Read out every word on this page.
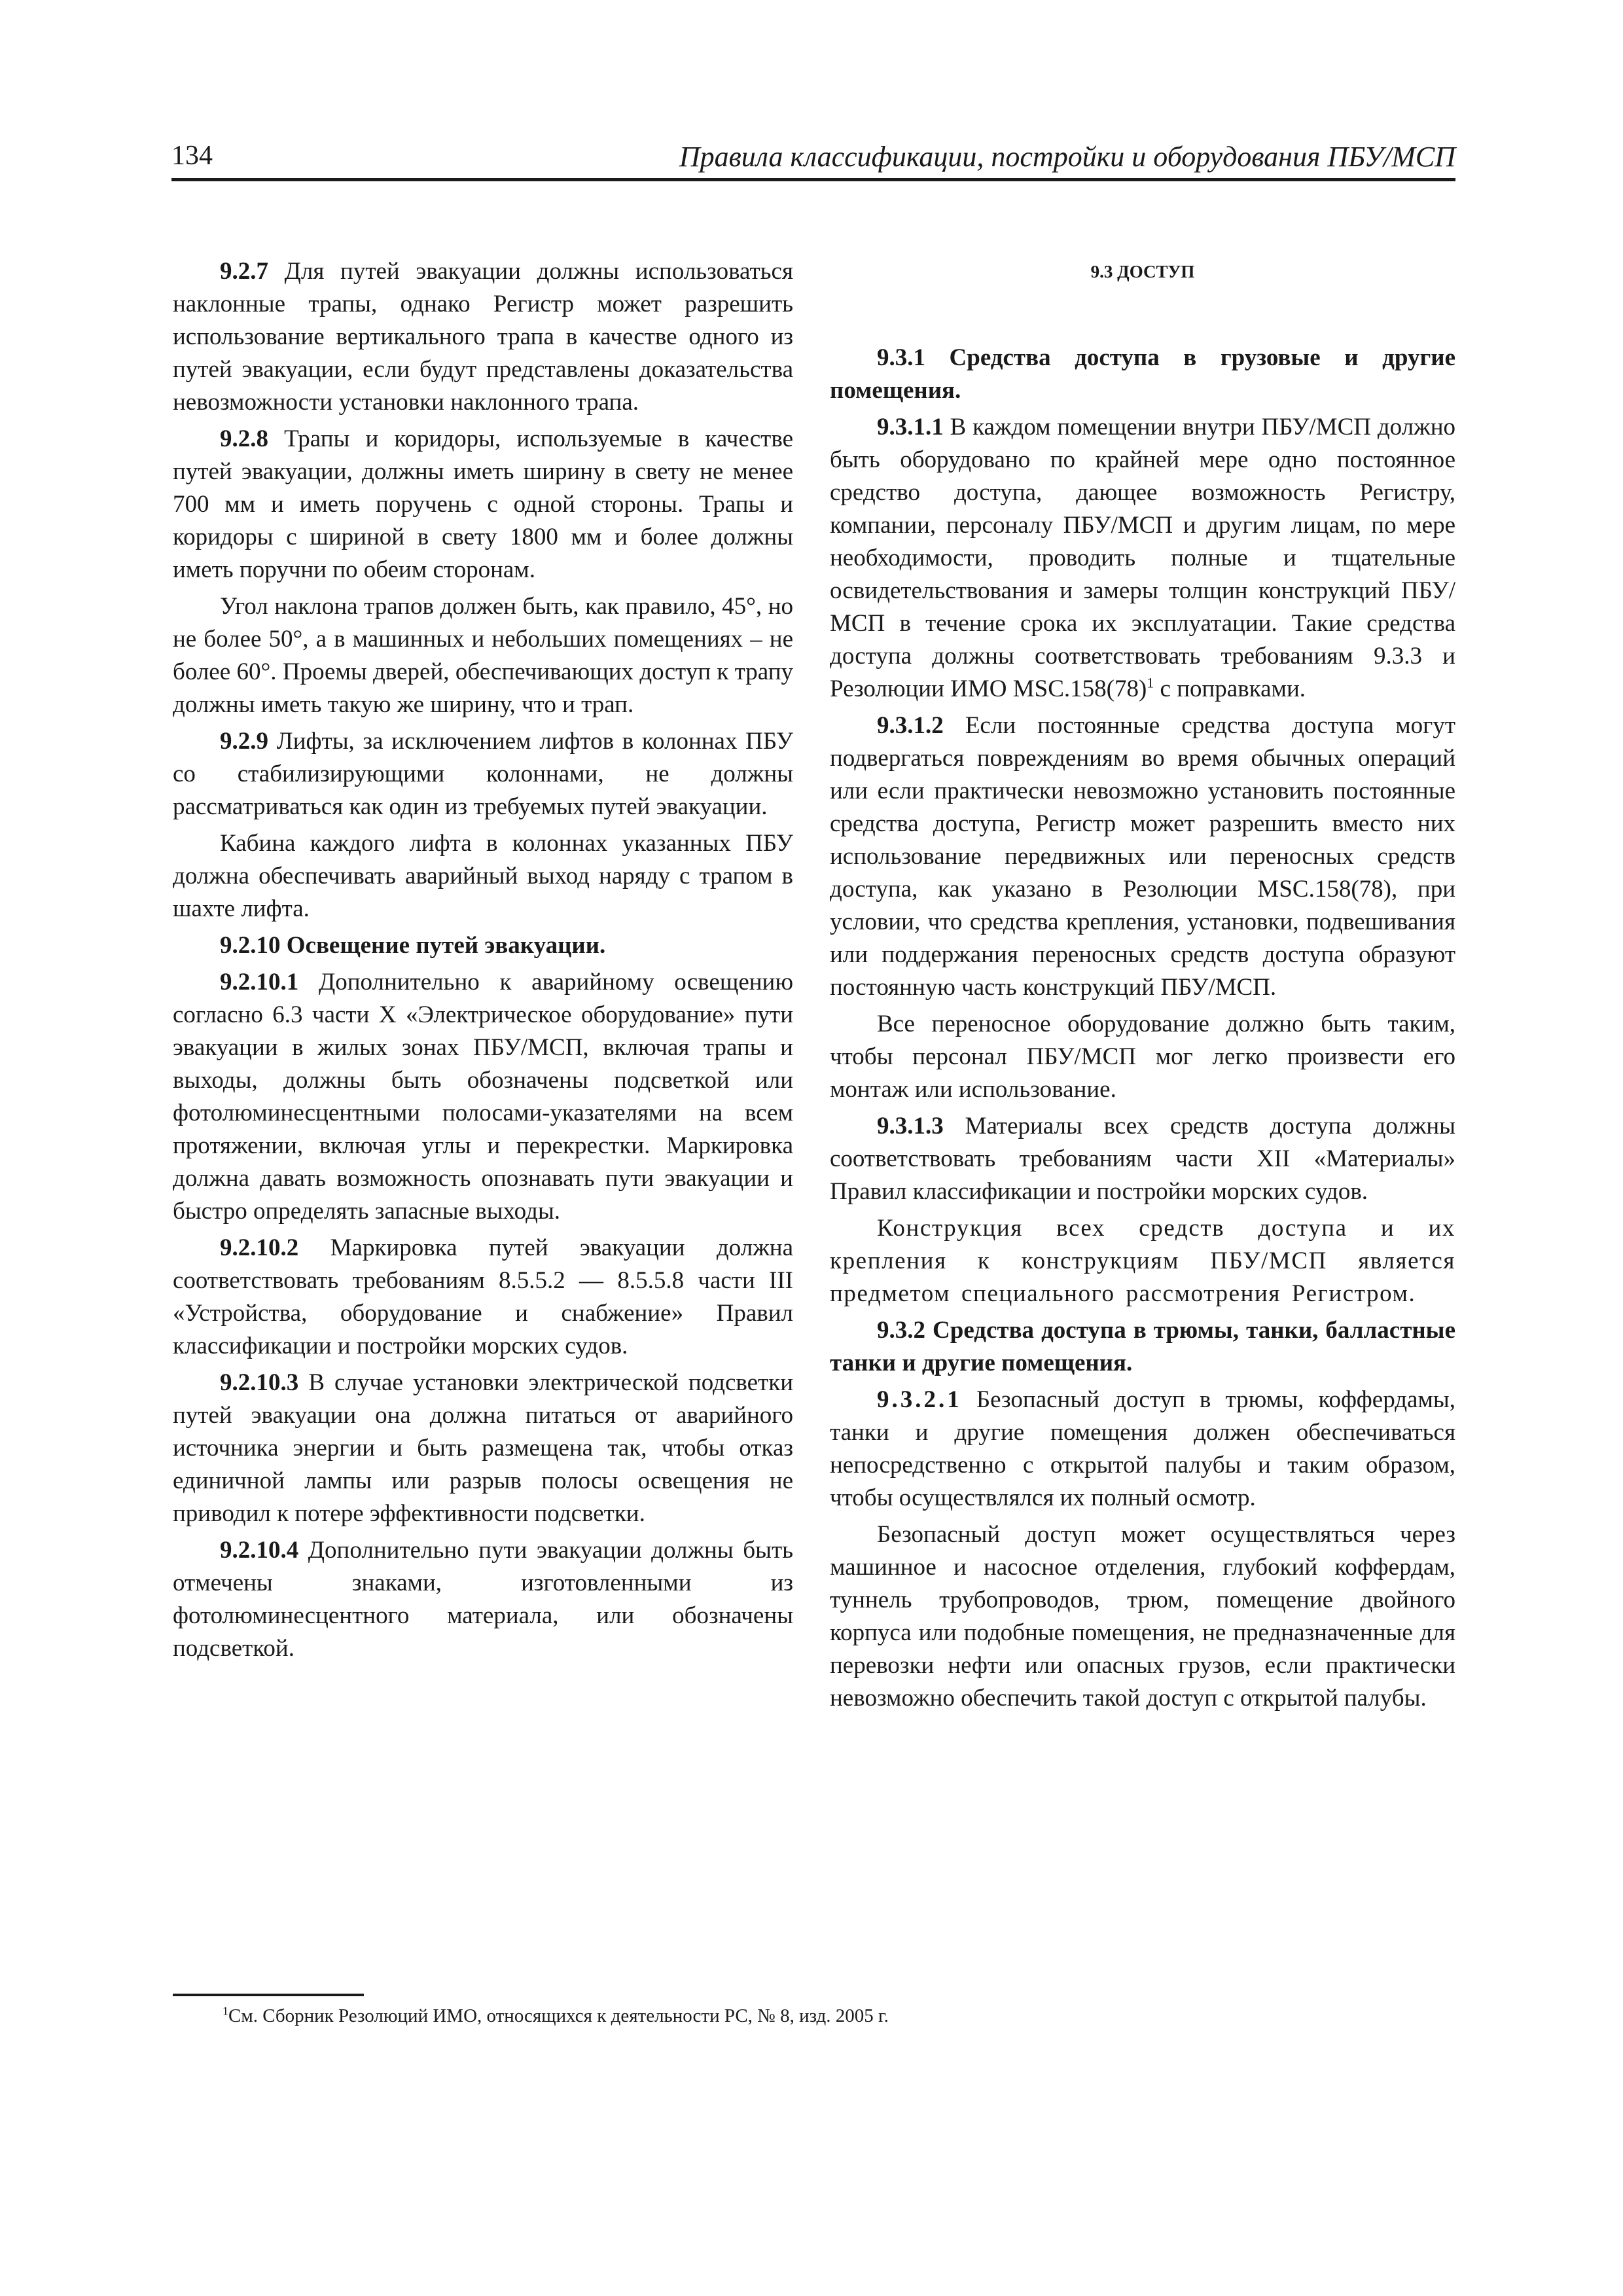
134	Правила классификации, постройки и оборудования ПБУ/МСП

9.2.7 Для путей эвакуации должны использоваться наклонные трапы, однако Регистр может разрешить использование вертикального трапа в качестве одного из путей эвакуации, если будут представлены доказательства невозможности установки наклонного трапа.

9.2.8 Трапы и коридоры, используемые в качестве путей эвакуации, должны иметь ширину в свету не менее 700 мм и иметь поручень с одной стороны. Трапы и коридоры с шириной в свету 1800 мм и более должны иметь поручни по обеим сторонам.

Угол наклона трапов должен быть, как правило, 45°, но не более 50°, а в машинных и небольших помещениях – не более 60°. Проемы дверей, обеспечивающих доступ к трапу должны иметь такую же ширину, что и трап.

9.2.9 Лифты, за исключением лифтов в колоннах ПБУ со стабилизирующими колоннами, не должны рассматриваться как один из требуемых путей эвакуации.

Кабина каждого лифта в колоннах указанных ПБУ должна обеспечивать аварийный выход наряду с трапом в шахте лифта.

9.2.10 Освещение путей эвакуации.

9.2.10.1 Дополнительно к аварийному освещению согласно 6.3 части X «Электрическое оборудование» пути эвакуации в жилых зонах ПБУ/МСП, включая трапы и выходы, должны быть обозначены подсветкой или фотолюминесцентными полосами-указателями на всем протяжении, включая углы и перекрестки. Маркировка должна давать возможность опознавать пути эвакуации и быстро определять запасные выходы.

9.2.10.2 Маркировка путей эвакуации должна соответствовать требованиям 8.5.5.2 — 8.5.5.8 части III «Устройства, оборудование и снабжение» Правил классификации и постройки морских судов.

9.2.10.3 В случае установки электрической подсветки путей эвакуации она должна питаться от аварийного источника энергии и быть размещена так, чтобы отказ единичной лампы или разрыв полосы освещения не приводил к потере эффективности подсветки.

9.2.10.4 Дополнительно пути эвакуации должны быть отмечены знаками, изготовленными из фотолюминесцентного материала, или обозначены подсветкой.

9.3 ДОСТУП

9.3.1 Средства доступа в грузовые и другие помещения.

9.3.1.1 В каждом помещении внутри ПБУ/МСП должно быть оборудовано по крайней мере одно постоянное средство доступа, дающее возможность Регистру, компании, персоналу ПБУ/МСП и другим лицам, по мере необходимости, проводить полные и тщательные освидетельствования и замеры толщин конструкций ПБУ/МСП в течение срока их эксплуатации. Такие средства доступа должны соответствовать требованиям 9.3.3 и Резолюции ИМО $MSC.158(78)^1$ с поправками.

9.3.1.2 Если постоянные средства доступа могут подвергаться повреждениям во время обычных операций или если практически невозможно установить постоянные средства доступа, Регистр может разрешить вместо них использование передвижных или переносных средств доступа, как указано в Резолюции MSC.158(78), при условии, что средства крепления, установки, подвешивания или поддержания переносных средств доступа образуют постоянную часть конструкций ПБУ/МСП.

Все переносное оборудование должно быть таким, чтобы персонал ПБУ/МСП мог легко произвести его монтаж или использование.

9.3.1.3 Материалы всех средств доступа должны соответствовать требованиям части XII «Материалы» Правил классификации и постройки морских судов.

Конструкция всех средств доступа и их крепления к конструкциям ПБУ/МСП является предметом специального рассмотрения Регистром.

9.3.2 Средства доступа в трюмы, танки, балластные танки и другие помещения.

9.3.2.1 Безопасный доступ в трюмы, коффердамы, танки и другие помещения должен обеспечиваться непосредственно с открытой палубы и таким образом, чтобы осуществлялся их полный осмотр.

Безопасный доступ может осуществляться через машинное и насосное отделения, глубокий коффердам, туннель трубопроводов, трюм, помещение двойного корпуса или подобные помещения, не предназначенные для перевозки нефти или опасных грузов, если практически невозможно обеспечить такой доступ с открытой палубы.

$^1$См. Сборник Резолюций ИМО, относящихся к деятельности РС, № 8, изд. 2005 г.
